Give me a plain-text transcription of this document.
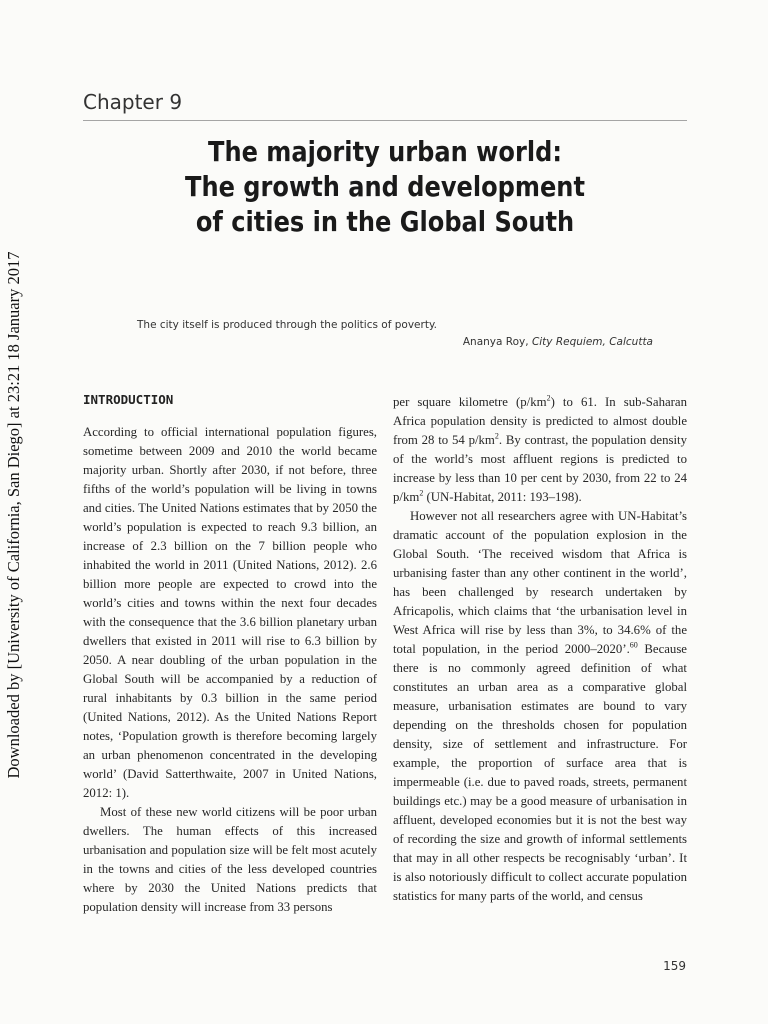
Downloaded by [University of California, San Diego] at 23:21 18 January 2017
Chapter 9
The majority urban world:
The growth and development
of cities in the Global South
The city itself is produced through the politics of poverty.
Ananya Roy, City Requiem, Calcutta
INTRODUCTION

According to official international population figures, sometime between 2009 and 2010 the world became majority urban. Shortly after 2030, if not before, three fifths of the world’s population will be living in towns and cities. The United Nations estimates that by 2050 the world’s population is expected to reach 9.3 billion, an increase of 2.3 billion on the 7 billion people who inhabited the world in 2011 (United Nations, 2012). 2.6 billion more people are expected to crowd into the world’s cities and towns within the next four decades with the consequence that the 3.6 billion planetary urban dwellers that existed in 2011 will rise to 6.3 billion by 2050. A near doubling of the urban population in the Global South will be accompanied by a reduction of rural inhabitants by 0.3 billion in the same period (United Nations, 2012). As the United Nations Report notes, ‘Population growth is therefore becoming largely an urban phenomenon concentrated in the developing world’ (David Satterthwaite, 2007 in United Nations, 2012: 1).

Most of these new world citizens will be poor urban dwellers. The human effects of this increased urbanisation and population size will be felt most acutely in the towns and cities of the less developed countries where by 2030 the United Nations predicts that population density will increase from 33 persons

per square kilometre $(p/km^2)$ to 61. In sub-Saharan Africa population density is predicted to almost double from 28 to 54 $p/km^2$. By contrast, the population density of the world’s most affluent regions is predicted to increase by less than 10 per cent by 2030, from 22 to 24 $p/km^2$ (UN-Habitat, 2011: 193–198).

However not all researchers agree with UN-Habitat’s dramatic account of the population explosion in the Global South. ‘The received wisdom that Africa is urbanising faster than any other continent in the world’, has been challenged by research undertaken by Africapolis, which claims that ‘the urbanisation level in West Africa will rise by less than 3%, to 34.6% of the total population, in the period 2000–2020’.$^{60}$ Because there is no commonly agreed definition of what constitutes an urban area as a comparative global measure, urbanisation estimates are bound to vary depending on the thresholds chosen for population density, size of settlement and infrastructure. For example, the proportion of surface area that is impermeable (i.e. due to paved roads, streets, permanent buildings etc.) may be a good measure of urbanisation in affluent, developed economies but it is not the best way of recording the size and growth of informal settlements that may in all other respects be recognisably ‘urban’. It is also notoriously difficult to collect accurate population statistics for many parts of the world, and census

159
